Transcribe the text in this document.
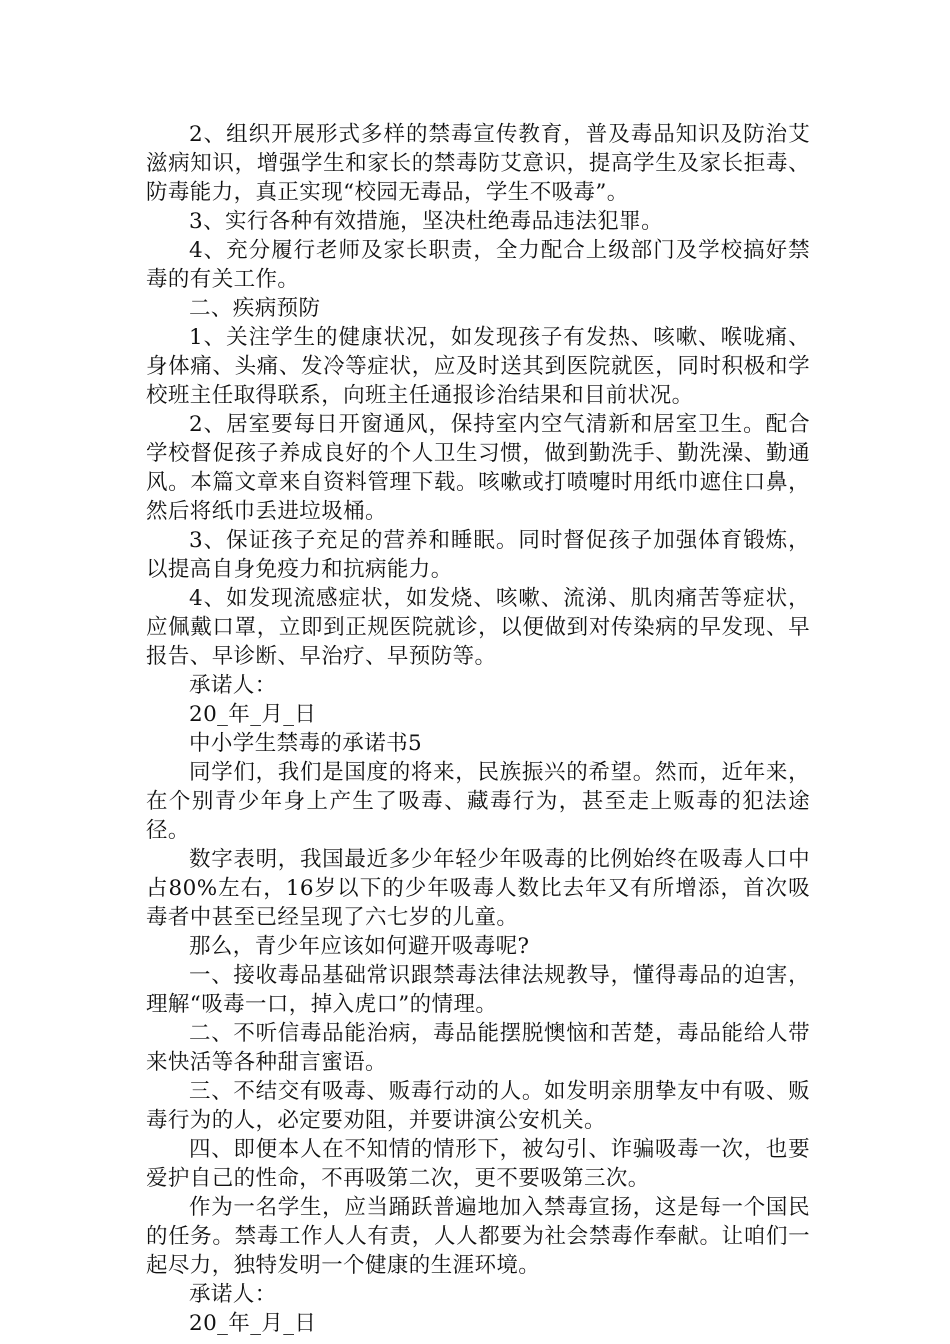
2、组织开展形式多样的禁毒宣传教育，普及毒品知识及防治艾滋病知识，增强学生和家长的禁毒防艾意识，提高学生及家长拒毒、防毒能力，真正实现“校园无毒品，学生不吸毒”。

3、实行各种有效措施，坚决杜绝毒品违法犯罪。

4、充分履行老师及家长职责，全力配合上级部门及学校搞好禁毒的有关工作。

二、疾病预防

1、关注学生的健康状况，如发现孩子有发热、咳嗽、喉咙痛、身体痛、头痛、发冷等症状，应及时送其到医院就医，同时积极和学校班主任取得联系，向班主任通报诊治结果和目前状况。

2、居室要每日开窗通风，保持室内空气清新和居室卫生。配合学校督促孩子养成良好的个人卫生习惯，做到勤洗手、勤洗澡、勤通风。本篇文章来自资料管理下载。咳嗽或打喷嚏时用纸巾遮住口鼻，然后将纸巾丢进垃圾桶。

3、保证孩子充足的营养和睡眠。同时督促孩子加强体育锻炼，以提高自身免疫力和抗病能力。

4、如发现流感症状，如发烧、咳嗽、流涕、肌肉痛苦等症状，应佩戴口罩，立即到正规医院就诊，以便做到对传染病的早发现、早报告、早诊断、早治疗、早预防等。

承诺人：

20_年_月_日

中小学生禁毒的承诺书5

同学们，我们是国度的将来，民族振兴的希望。然而，近年来，在个别青少年身上产生了吸毒、藏毒行为，甚至走上贩毒的犯法途径。

数字表明，我国最近多少年轻少年吸毒的比例始终在吸毒人口中占80%左右，16岁以下的少年吸毒人数比去年又有所增添，首次吸毒者中甚至已经呈现了六七岁的儿童。

那么，青少年应该如何避开吸毒呢?

一、接收毒品基础常识跟禁毒法律法规教导，懂得毒品的迫害，理解“吸毒一口，掉入虎口”的情理。

二、不听信毒品能治病，毒品能摆脱懊恼和苦楚，毒品能给人带来快活等各种甜言蜜语。

三、不结交有吸毒、贩毒行动的人。如发明亲朋挚友中有吸、贩毒行为的人，必定要劝阻，并要讲演公安机关。

四、即便本人在不知情的情形下，被勾引、诈骗吸毒一次，也要爱护自己的性命，不再吸第二次，更不要吸第三次。

作为一名学生，应当踊跃普遍地加入禁毒宣扬，这是每一个国民的任务。禁毒工作人人有责，人人都要为社会禁毒作奉献。让咱们一起尽力，独特发明一个健康的生涯环境。

承诺人：

20_年_月_日
